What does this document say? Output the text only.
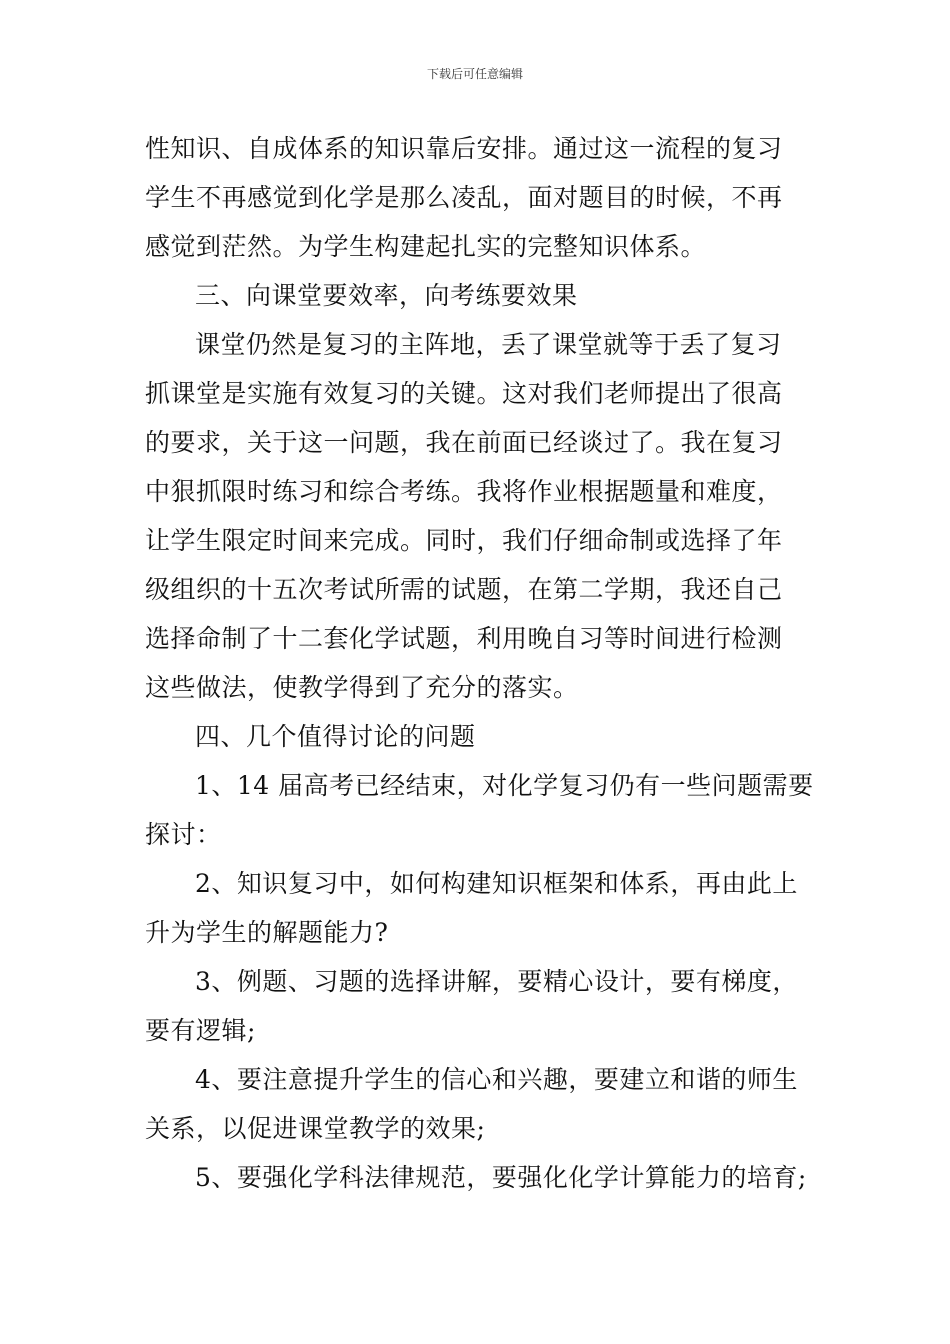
下载后可任意编辑
性知识、自成体系的知识靠后安排。通过这一流程的复习
学生不再感觉到化学是那么凌乱，面对题目的时候，不再
感觉到茫然。为学生构建起扎实的完整知识体系。
三、向课堂要效率，向考练要效果
课堂仍然是复习的主阵地，丢了课堂就等于丢了复习
抓课堂是实施有效复习的关键。这对我们老师提出了很高
的要求，关于这一问题，我在前面已经谈过了。我在复习
中狠抓限时练习和综合考练。我将作业根据题量和难度，
让学生限定时间来完成。同时，我们仔细命制或选择了年
级组织的十五次考试所需的试题，在第二学期，我还自己
选择命制了十二套化学试题，利用晚自习等时间进行检测
这些做法，使教学得到了充分的落实。
四、几个值得讨论的问题
1、14 届高考已经结束，对化学复习仍有一些问题需要
探讨：
2、知识复习中，如何构建知识框架和体系，再由此上
升为学生的解题能力?
3、例题、习题的选择讲解，要精心设计，要有梯度，
要有逻辑;
4、要注意提升学生的信心和兴趣，要建立和谐的师生
关系，以促进课堂教学的效果;
5、要强化学科法律规范，要强化化学计算能力的培育;
